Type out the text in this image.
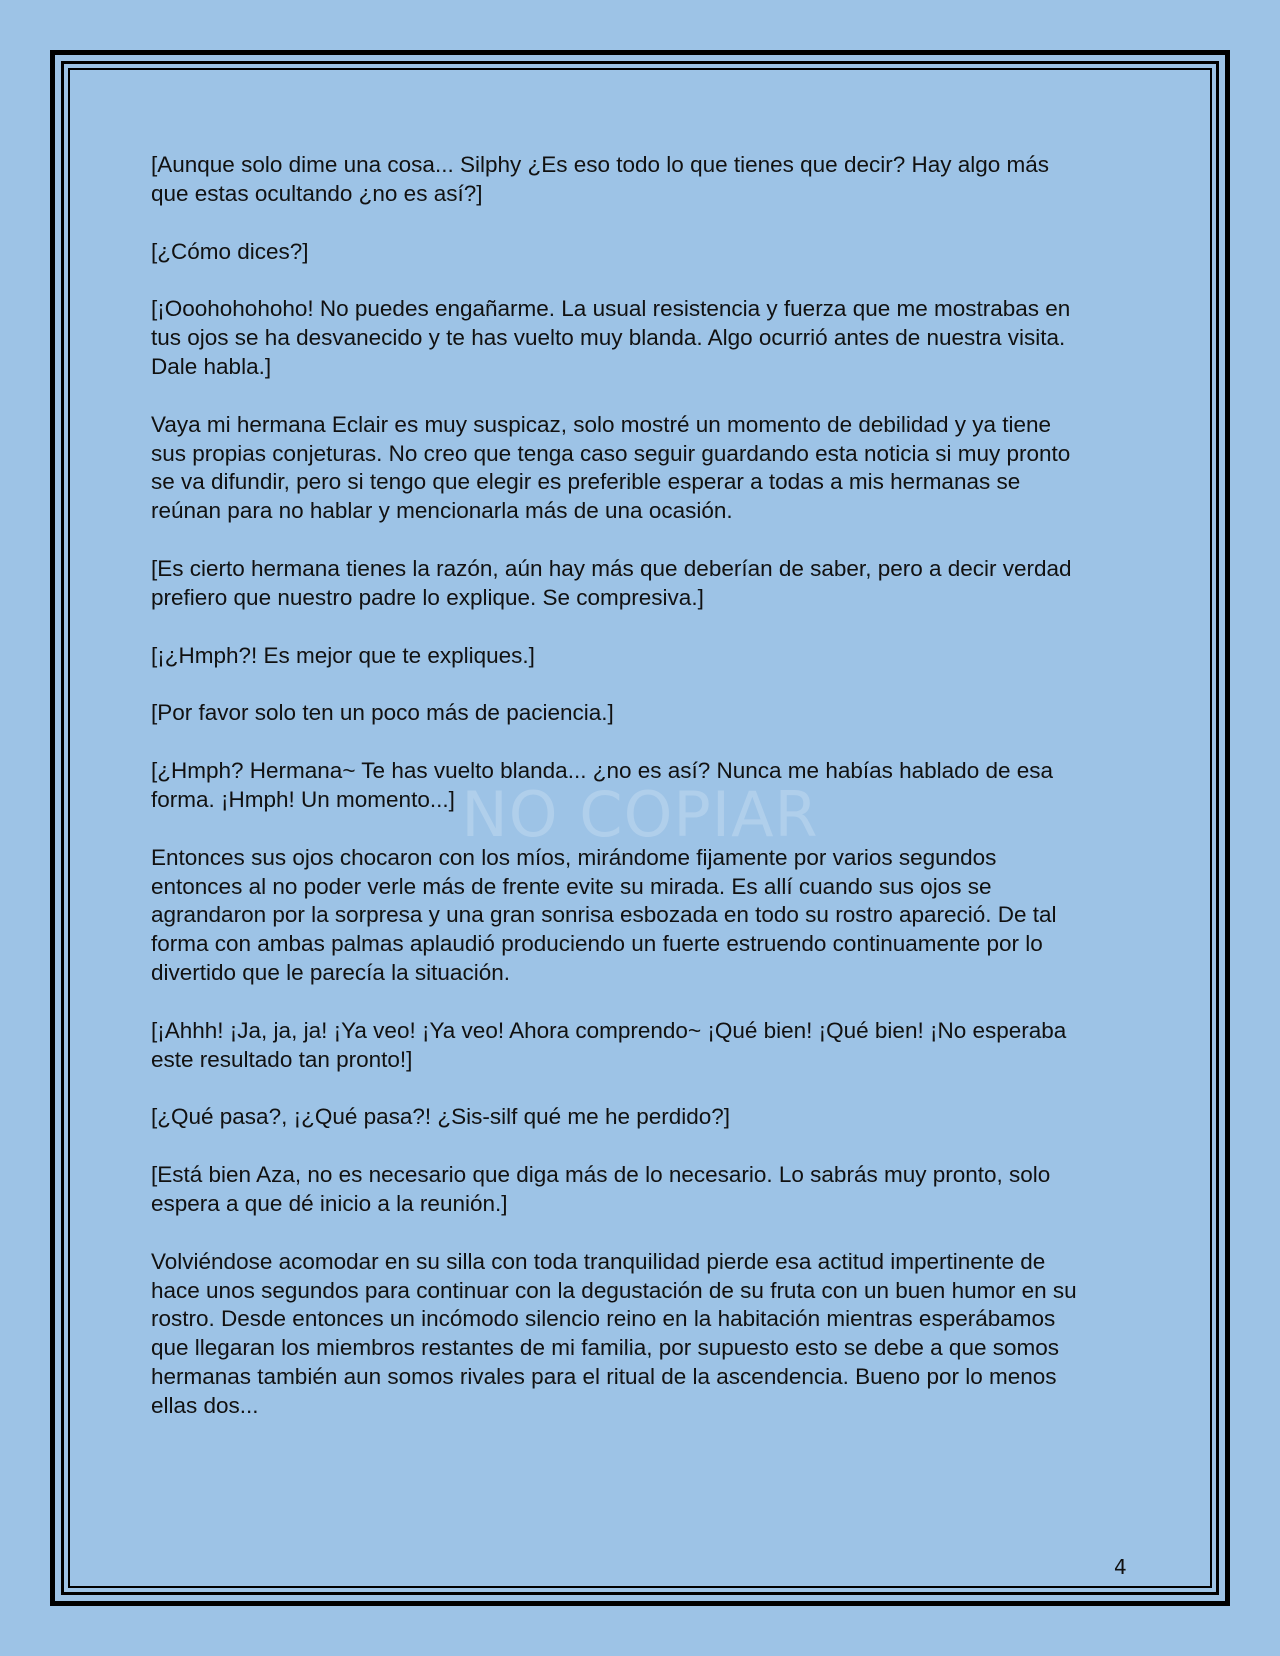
[Aunque solo dime una cosa... Silphy ¿Es eso todo lo que tienes que decir? Hay algo más que estas ocultando ¿no es así?]

[¿Cómo dices?]

[¡Ooohohohoho! No puedes engañarme. La usual resistencia y fuerza que me mostrabas en tus ojos se ha desvanecido y te has vuelto muy blanda. Algo ocurrió antes de nuestra visita. Dale habla.]

Vaya mi hermana Eclair es muy suspicaz, solo mostré un momento de debilidad y ya tiene sus propias conjeturas. No creo que tenga caso seguir guardando esta noticia si muy pronto se va difundir, pero si tengo que elegir es preferible esperar a todas a mis hermanas se reúnan para no hablar y mencionarla más de una ocasión.

[Es cierto hermana tienes la razón, aún hay más que deberían de saber, pero a decir verdad prefiero que nuestro padre lo explique. Se compresiva.]

[¡¿Hmph?! Es mejor que te expliques.]

[Por favor solo ten un poco más de paciencia.]

[¿Hmph? Hermana~ Te has vuelto blanda... ¿no es así? Nunca me habías hablado de esa forma. ¡Hmph! Un momento...]

Entonces sus ojos chocaron con los míos, mirándome fijamente por varios segundos entonces al no poder verle más de frente evite su mirada. Es allí cuando sus ojos se agrandaron por la sorpresa y una gran sonrisa esbozada en todo su rostro apareció. De tal forma con ambas palmas aplaudió produciendo un fuerte estruendo continuamente por lo divertido que le parecía la situación.

[¡Ahhh! ¡Ja, ja, ja! ¡Ya veo! ¡Ya veo! Ahora comprendo~ ¡Qué bien! ¡Qué bien! ¡No esperaba este resultado tan pronto!]

[¿Qué pasa?, ¡¿Qué pasa?! ¿Sis-silf qué me he perdido?]

[Está bien Aza, no es necesario que diga más de lo necesario. Lo sabrás muy pronto, solo espera a que dé inicio a la reunión.]

Volviéndose acomodar en su silla con toda tranquilidad pierde esa actitud impertinente de hace unos segundos para continuar con la degustación de su fruta con un buen humor en su rostro. Desde entonces un incómodo silencio reino en la habitación mientras esperábamos que llegaran los miembros restantes de mi familia, por supuesto esto se debe a que somos hermanas también aun somos rivales para el ritual de la ascendencia. Bueno por lo menos ellas dos...

NO COPIAR
4
